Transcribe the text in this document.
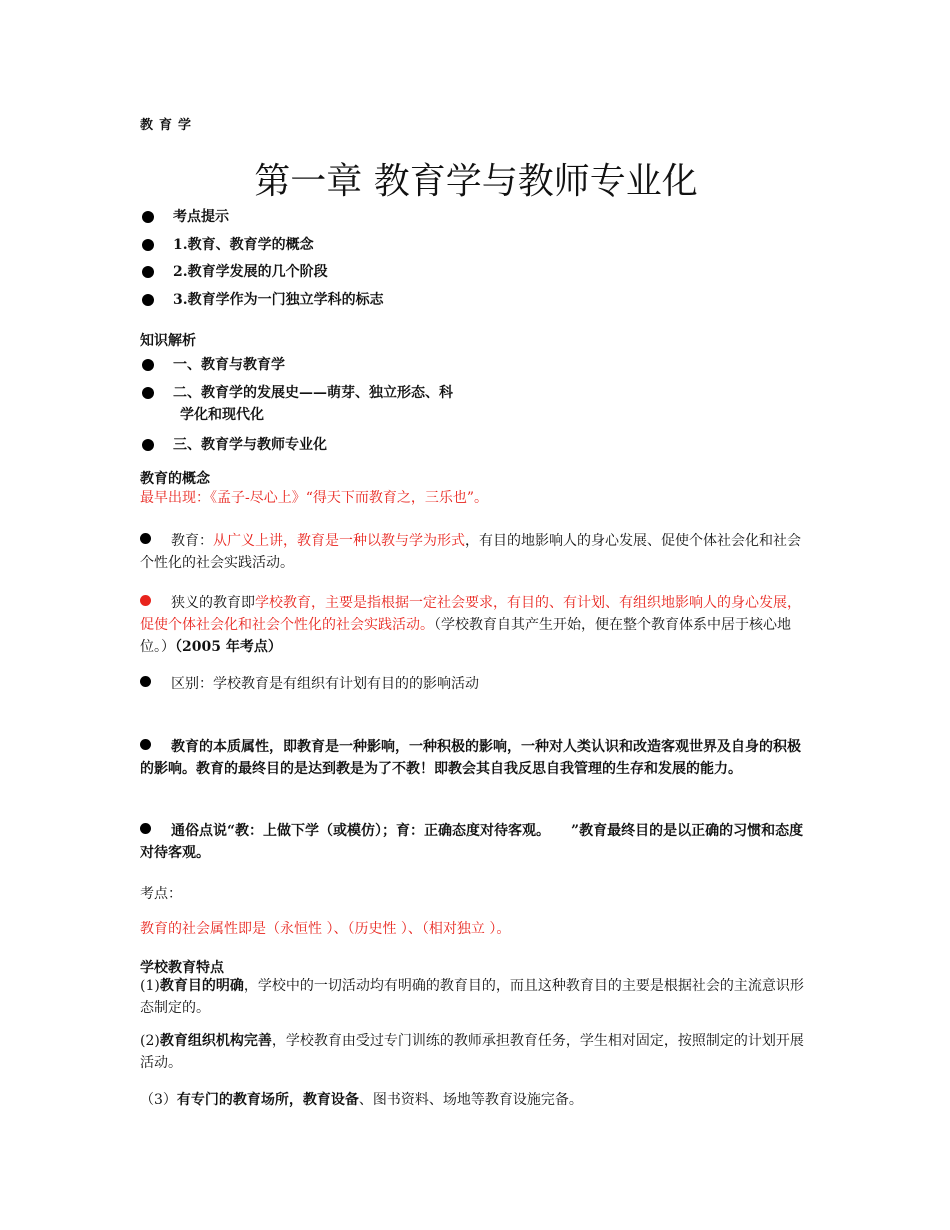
教育学
第一章 教育学与教师专业化
考点提示
1.教育、教育学的概念
2.教育学发展的几个阶段
3.教育学作为一门独立学科的标志
知识解析
一、教育与教育学
二、教育学的发展史——萌芽、独立形态、科
学化和现代化
三、教育学与教师专业化
教育的概念
最早出现：《孟子-尽心上》“得天下而教育之，三乐也”。
教育：从广义上讲，教育是一种以教与学为形式，有目的地影响人的身心发展、促使个体社会化和社会个性化的社会实践活动。
狭义的教育即学校教育，主要是指根据一定社会要求，有目的、有计划、有组织地影响人的身心发展，促使个体社会化和社会个性化的社会实践活动。（学校教育自其产生开始，便在整个教育体系中居于核心地位。）（2005 年考点）
区别：学校教育是有组织有计划有目的的影响活动
教育的本质属性，即教育是一种影响，一种积极的影响，一种对人类认识和改造客观世界及自身的积极的影响。教育的最终目的是达到教是为了不教！即教会其自我反思自我管理的生存和发展的能力。
通俗点说“教：上做下学（或模仿）；育：正确态度对待客观。　　”教育最终目的是以正确的习惯和态度对待客观。
考点：
教育的社会属性即是（永恒性 ）、（历史性 ）、（相对独立 ）。
学校教育特点
(1)教育目的明确，学校中的一切活动均有明确的教育目的，而且这种教育目的主要是根据社会的主流意识形态制定的。
(2)教育组织机构完善，学校教育由受过专门训练的教师承担教育任务，学生相对固定，按照制定的计划开展活动。
（3）有专门的教育场所，教育设备、图书资料、场地等教育设施完备。
